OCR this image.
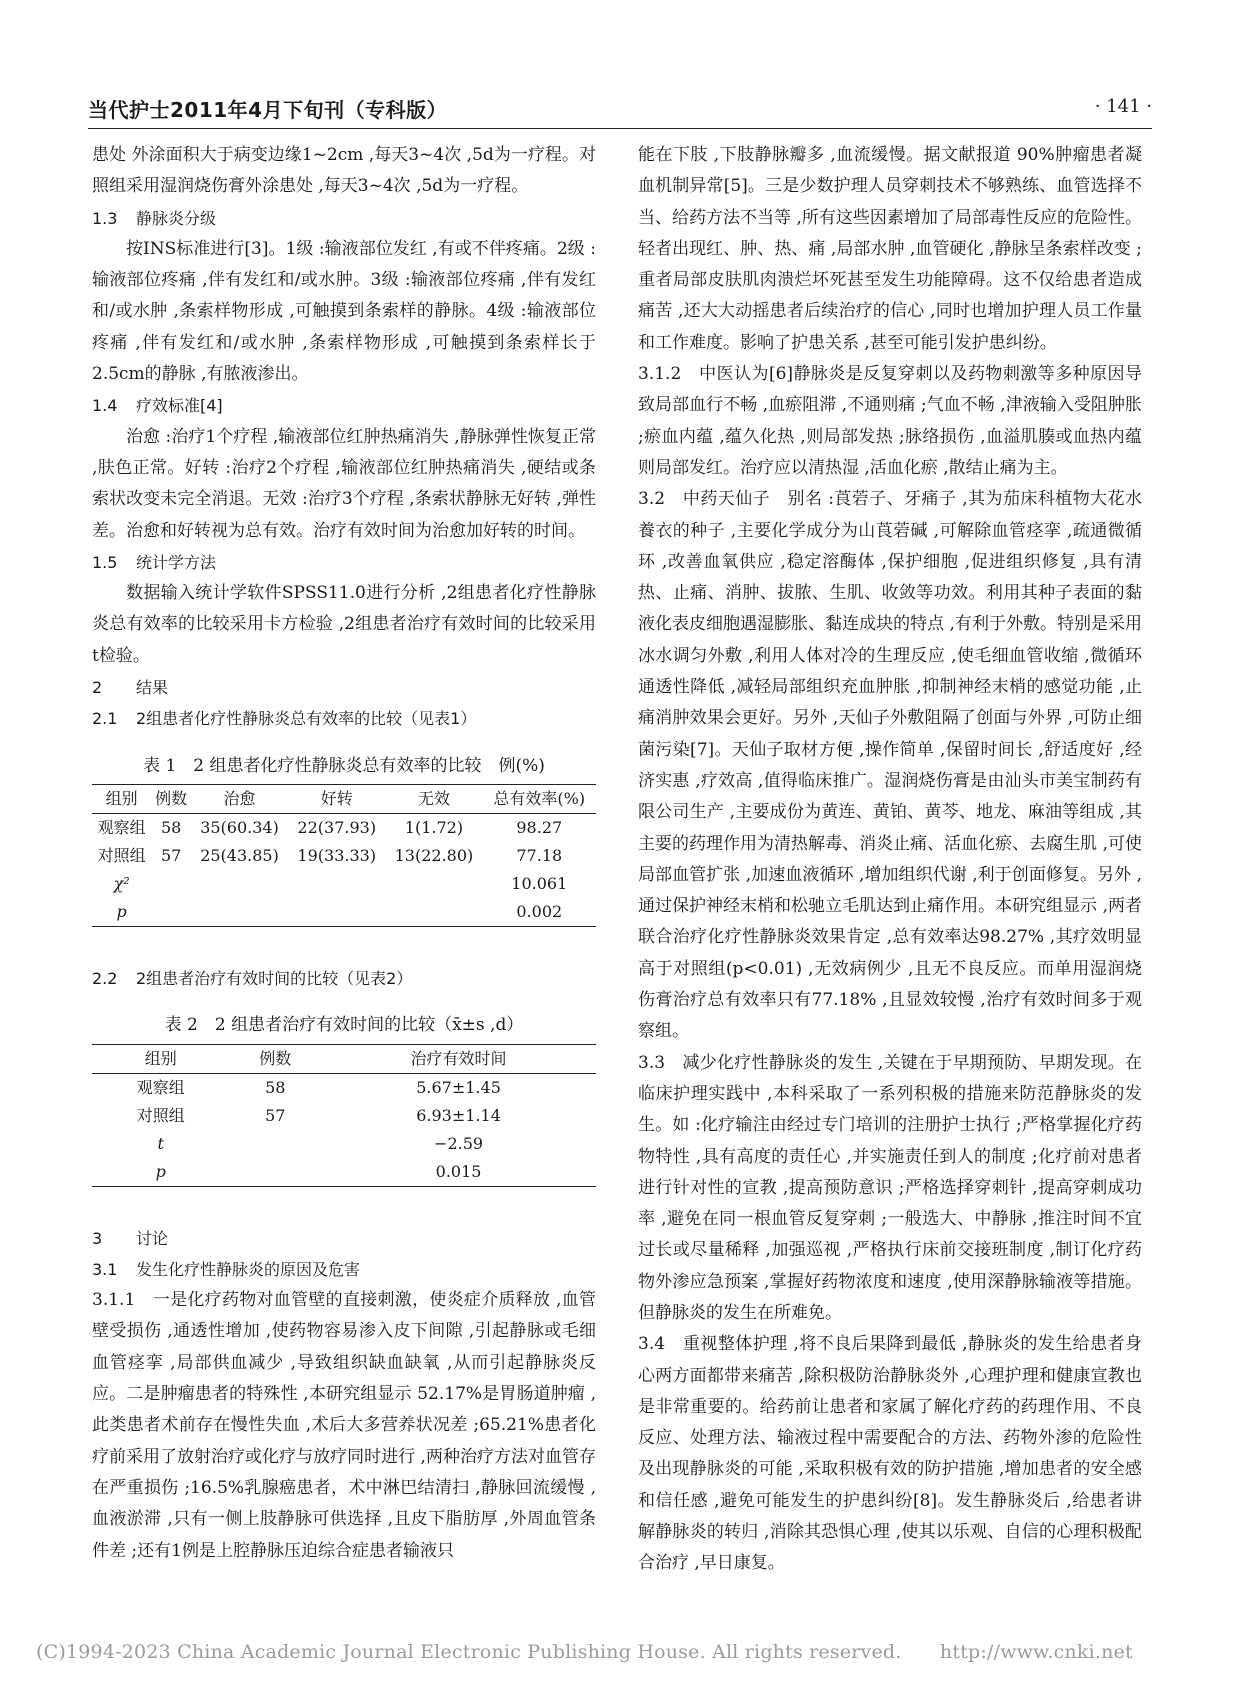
当代护士2011年4月下旬刊（专科版）	· 141 ·

患处 外涂面积大于病变边缘1~2cm ,每天3~4次 ,5d为一疗程。对照组采用湿润烧伤膏外涂患处 ,每天3~4次 ,5d为一疗程。

1.3 静脉炎分级

按INS标准进行[3]。1级 :输液部位发红 ,有或不伴疼痛。2级 :输液部位疼痛 ,伴有发红和/或水肿。3级 :输液部位疼痛 ,伴有发红和/或水肿 ,条索样物形成 ,可触摸到条索样的静脉。4级 :输液部位疼痛 ,伴有发红和/或水肿 ,条索样物形成 ,可触摸到条索样长于2.5cm的静脉 ,有脓液渗出。

1.4 疗效标准[4]

治愈 :治疗1个疗程 ,输液部位红肿热痛消失 ,静脉弹性恢复正常 ,肤色正常。好转 :治疗2个疗程 ,输液部位红肿热痛消失 ,硬结或条索状改变未完全消退。无效 :治疗3个疗程 ,条索状静脉无好转 ,弹性差。治愈和好转视为总有效。治疗有效时间为治愈加好转的时间。

1.5 统计学方法

数据输入统计学软件SPSS11.0进行分析 ,2组患者化疗性静脉炎总有效率的比较采用卡方检验 ,2组患者治疗有效时间的比较采用t检验。

2 结果
2.1 2组患者化疗性静脉炎总有效率的比较（见表1）
表 1　2 组患者化疗性静脉炎总有效率的比较　例(%)
组别	例数	治愈	好转	无效	总有效率(%)
观察组	58	35(60.34)	22(37.93)	1(1.72)	98.27
对照组	57	25(43.85)	19(33.33)	13(22.80)	77.18
χ²					10.061
p					0.002
2.2 2组患者治疗有效时间的比较（见表2）
表 2　2 组患者治疗有效时间的比较（x̄±s ,d）
组别	例数	治疗有效时间
观察组	58	5.67±1.45
对照组	57	6.93±1.14
t		−2.59
p		0.015
3 讨论
3.1 发生化疗性静脉炎的原因及危害

3.1.1　一是化疗药物对血管壁的直接刺激，使炎症介质释放 ,血管壁受损伤 ,通透性增加 ,使药物容易渗入皮下间隙 ,引起静脉或毛细血管痉挛 ,局部供血减少 ,导致组织缺血缺氧 ,从而引起静脉炎反应。二是肿瘤患者的特殊性 ,本研究组显示 52.17%是胃肠道肿瘤 ,此类患者术前存在慢性失血 ,术后大多营养状况差 ;65.21%患者化疗前采用了放射治疗或化疗与放疗同时进行 ,两种治疗方法对血管存在严重损伤 ;16.5%乳腺癌患者，术中淋巴结清扫 ,静脉回流缓慢 ,血液淤滞 ,只有一侧上肢静脉可供选择 ,且皮下脂肪厚 ,外周血管条件差 ;还有1例是上腔静脉压迫综合症患者输液只

能在下肢 ,下肢静脉瓣多 ,血流缓慢。据文献报道 90%肿瘤患者凝血机制异常[5]。三是少数护理人员穿刺技术不够熟练、血管选择不当、给药方法不当等 ,所有这些因素增加了局部毒性反应的危险性。轻者出现红、肿、热、痛 ,局部水肿 ,血管硬化 ,静脉呈条索样改变 ;重者局部皮肤肌肉溃烂坏死甚至发生功能障碍。这不仅给患者造成痛苦 ,还大大动摇患者后续治疗的信心 ,同时也增加护理人员工作量和工作难度。影响了护患关系 ,甚至可能引发护患纠纷。

3.1.2　中医认为[6]静脉炎是反复穿刺以及药物刺激等多种原因导致局部血行不畅 ,血瘀阻滞 ,不通则痛 ;气血不畅 ,津液输入受阻肿胀 ;瘀血内蕴 ,蕴久化热 ,则局部发热 ;脉络损伤 ,血溢肌腠或血热内蕴则局部发红。治疗应以清热湿 ,活血化瘀 ,散结止痛为主。

3.2　中药天仙子　别名 :莨菪子、牙痛子 ,其为茄床科植物大花水養衣的种子 ,主要化学成分为山莨菪碱 ,可解除血管痉挛 ,疏通微循环 ,改善血氧供应 ,稳定溶酶体 ,保护细胞 ,促进组织修复 ,具有清热、止痛、消肿、拔脓、生肌、收敛等功效。利用其种子表面的黏液化表皮细胞遇湿膨胀、黏连成块的特点 ,有利于外敷。特别是采用冰水调匀外敷 ,利用人体对冷的生理反应 ,使毛细血管收缩 ,微循环通透性降低 ,减轻局部组织充血肿胀 ,抑制神经末梢的感觉功能 ,止痛消肿效果会更好。另外 ,天仙子外敷阻隔了创面与外界 ,可防止细菌污染[7]。天仙子取材方便 ,操作简单 ,保留时间长 ,舒适度好 ,经济实惠 ,疗效高 ,值得临床推广。湿润烧伤膏是由汕头市美宝制药有限公司生产 ,主要成份为黄连、黄铂、黄芩、地龙、麻油等组成 ,其主要的药理作用为清热解毒、消炎止痛、活血化瘀、去腐生肌 ,可使局部血管扩张 ,加速血液循环 ,增加组织代谢 ,利于创面修复。另外 ,通过保护神经末梢和松驰立毛肌达到止痛作用。本研究组显示 ,两者联合治疗化疗性静脉炎效果肯定 ,总有效率达98.27% ,其疗效明显高于对照组(p<0.01) ,无效病例少 ,且无不良反应。而单用湿润烧伤膏治疗总有效率只有77.18% ,且显效较慢 ,治疗有效时间多于观察组。

3.3　减少化疗性静脉炎的发生 ,关键在于早期预防、早期发现。在临床护理实践中 ,本科采取了一系列积极的措施来防范静脉炎的发生。如 :化疗输注由经过专门培训的注册护士执行 ;严格掌握化疗药物特性 ,具有高度的责任心 ,并实施责任到人的制度 ;化疗前对患者进行针对性的宣教 ,提高预防意识 ;严格选择穿刺针 ,提高穿刺成功率 ,避免在同一根血管反复穿刺 ;一般选大、中静脉 ,推注时间不宜过长或尽量稀释 ,加强巡视 ,严格执行床前交接班制度 ,制订化疗药物外渗应急预案 ,掌握好药物浓度和速度 ,使用深静脉输液等措施。但静脉炎的发生在所难免。

3.4　重视整体护理 ,将不良后果降到最低 ,静脉炎的发生给患者身心两方面都带来痛苦 ,除积极防治静脉炎外 ,心理护理和健康宣教也是非常重要的。给药前让患者和家属了解化疗药的药理作用、不良反应、处理方法、输液过程中需要配合的方法、药物外渗的危险性及出现静脉炎的可能 ,采取积极有效的防护措施 ,增加患者的安全感和信任感 ,避免可能发生的护患纠纷[8]。发生静脉炎后 ,给患者讲解静脉炎的转归 ,消除其恐惧心理 ,使其以乐观、自信的心理积极配合治疗 ,早日康复。

(C)1994-2023 China Academic Journal Electronic Publishing House. All rights reserved.　　http://www.cnki.net
